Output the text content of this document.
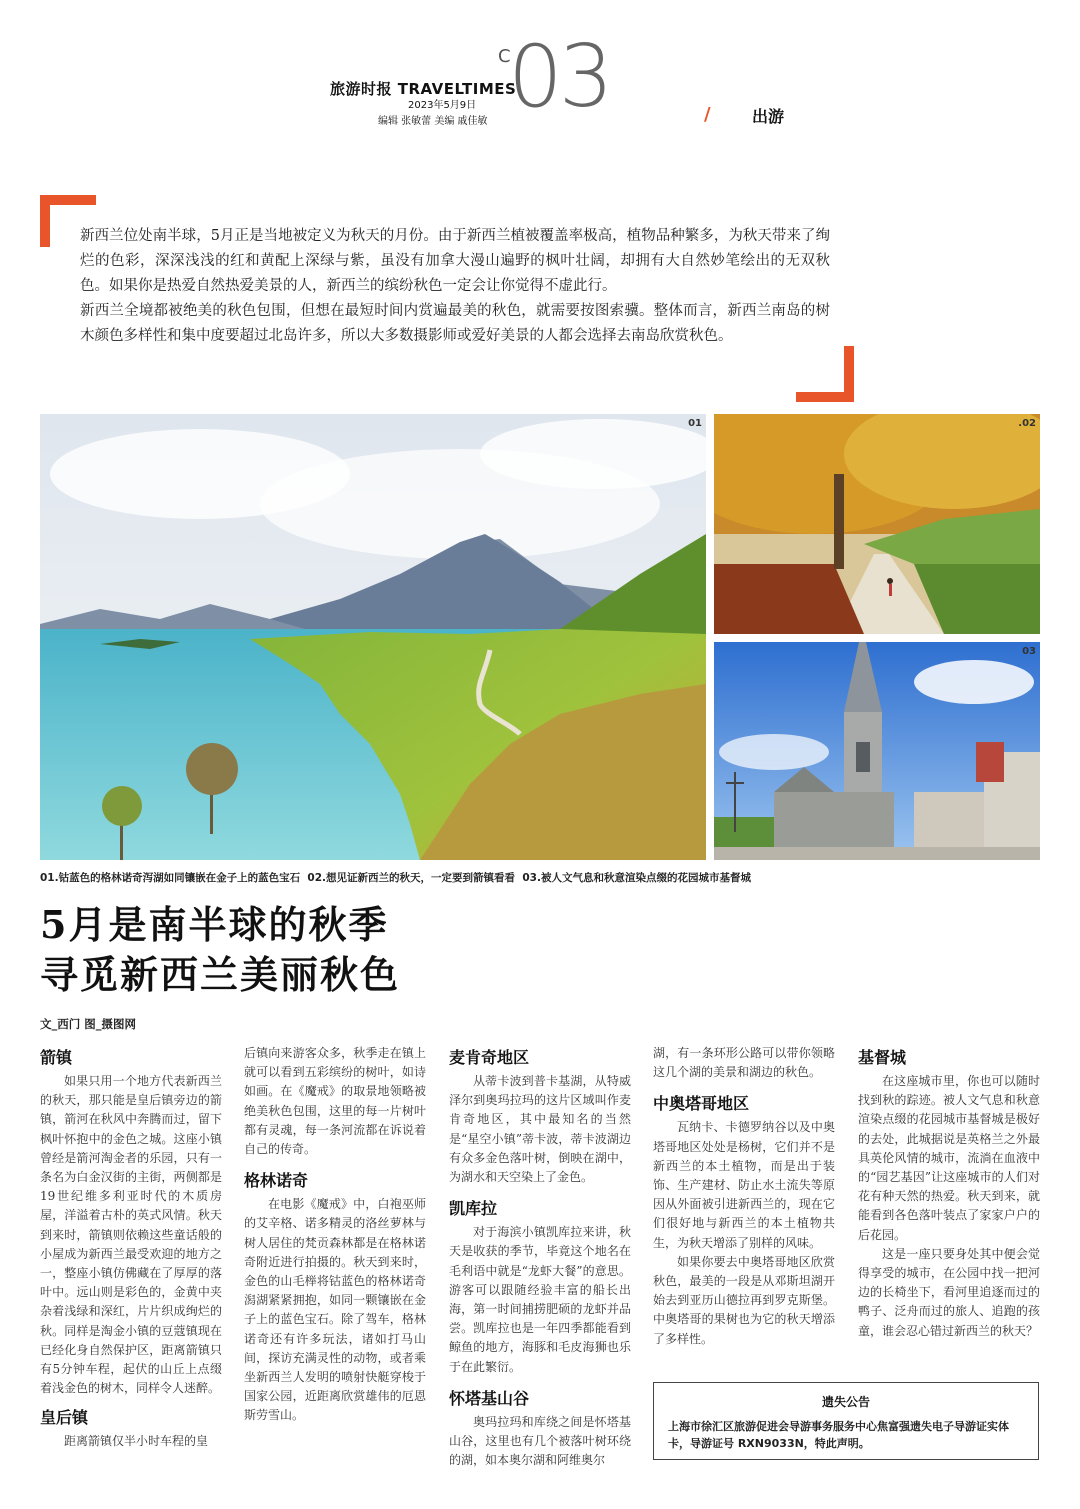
旅游时报 TRAVELTIMES
2023年5月9日
编辑 张敏蕾 美编 戚佳敏
C
03	/	出游

新西兰位处南半球，5月正是当地被定义为秋天的月份。由于新西兰植被覆盖率极高，植物品种繁多，为秋天带来了绚烂的色彩，深深浅浅的红和黄配上深绿与紫，虽没有加拿大漫山遍野的枫叶壮阔，却拥有大自然妙笔绘出的无双秋色。如果你是热爱自然热爱美景的人，新西兰的缤纷秋色一定会让你觉得不虚此行。

新西兰全境都被绝美的秋色包围，但想在最短时间内赏遍最美的秋色，就需要按图索骥。整体而言，新西兰南岛的树木颜色多样性和集中度要超过北岛许多，所以大多数摄影师或爱好美景的人都会选择去南岛欣赏秋色。

01	.02
03
01.钴蓝色的格林诺奇泻湖如同镶嵌在金子上的蓝色宝石 02.想见证新西兰的秋天，一定要到箭镇看看 03.被人文气息和秋意渲染点缀的花园城市基督城
5月是南半球的秋季
寻觅新西兰美丽秋色
文_西门 图_摄图网
箭镇

如果只用一个地方代表新西兰的秋天，那只能是皇后镇旁边的箭镇，箭河在秋风中奔腾而过，留下枫叶怀抱中的金色之城。这座小镇曾经是箭河淘金者的乐园，只有一条名为白金汉街的主街，两侧都是19世纪维多利亚时代的木质房屋，洋溢着古朴的英式风情。秋天到来时，箭镇则依赖这些童话般的小屋成为新西兰最受欢迎的地方之一，整座小镇仿佛藏在了厚厚的落叶中。远山则是彩色的，金黄中夹杂着浅绿和深红，片片织成绚烂的秋。同样是淘金小镇的豆蔻镇现在已经化身自然保护区，距离箭镇只有5分钟车程，起伏的山丘上点缀着浅金色的树木，同样令人迷醉。

皇后镇

距离箭镇仅半小时车程的皇

后镇向来游客众多，秋季走在镇上就可以看到五彩缤纷的树叶，如诗如画。在《魔戒》的取景地领略被绝美秋色包围，这里的每一片树叶都有灵魂，每一条河流都在诉说着自己的传奇。

格林诺奇

在电影《魔戒》中，白袍巫师的艾辛格、诺多精灵的洛丝萝林与树人居住的梵贡森林都是在格林诺奇附近进行拍摄的。秋天到来时，金色的山毛榉将钴蓝色的格林诺奇潟湖紧紧拥抱，如同一颗镶嵌在金子上的蓝色宝石。除了驾车，格林诺奇还有许多玩法，诸如打马山间，探访充满灵性的动物，或者乘坐新西兰人发明的喷射快艇穿梭于国家公园，近距离欣赏雄伟的厄恩斯劳雪山。

麦肯奇地区

从蒂卡波到普卡基湖，从特威泽尔到奥玛拉玛的这片区域叫作麦肯奇地区，其中最知名的当然是“星空小镇”蒂卡波，蒂卡波湖边有众多金色落叶树，倒映在湖中，为湖水和天空染上了金色。

凯库拉

对于海滨小镇凯库拉来讲，秋天是收获的季节，毕竟这个地名在毛利语中就是“龙虾大餐”的意思。游客可以跟随经验丰富的船长出海，第一时间捕捞肥硕的龙虾并品尝。凯库拉也是一年四季都能看到鲸鱼的地方，海豚和毛皮海狮也乐于在此繁衍。

怀塔基山谷

奥玛拉玛和库绕之间是怀塔基山谷，这里也有几个被落叶树环绕的湖，如本奥尔湖和阿维奥尔

湖，有一条环形公路可以带你领略这几个湖的美景和湖边的秋色。

中奥塔哥地区

瓦纳卡、卡德罗纳谷以及中奥塔哥地区处处是杨树，它们并不是新西兰的本土植物，而是出于装饰、生产建材、防止水土流失等原因从外面被引进新西兰的，现在它们很好地与新西兰的本土植物共生，为秋天增添了别样的风味。

如果你要去中奥塔哥地区欣赏秋色，最美的一段是从邓斯坦湖开始去到亚历山德拉再到罗克斯堡。中奥塔哥的果树也为它的秋天增添了多样性。

基督城

在这座城市里，你也可以随时找到秋的踪迹。被人文气息和秋意渲染点缀的花园城市基督城是极好的去处，此城据说是英格兰之外最具英伦风情的城市，流淌在血液中的“园艺基因”让这座城市的人们对花有种天然的热爱。秋天到来，就能看到各色落叶装点了家家户户的后花园。

这是一座只要身处其中便会觉得享受的城市，在公园中找一把河边的长椅坐下，看河里追逐而过的鸭子、泛舟而过的旅人、追跑的孩童，谁会忍心错过新西兰的秋天？

遗失公告
上海市徐汇区旅游促进会导游事务服务中心焦富强遗失电子导游证实体卡，导游证号 RXN9033N，特此声明。
